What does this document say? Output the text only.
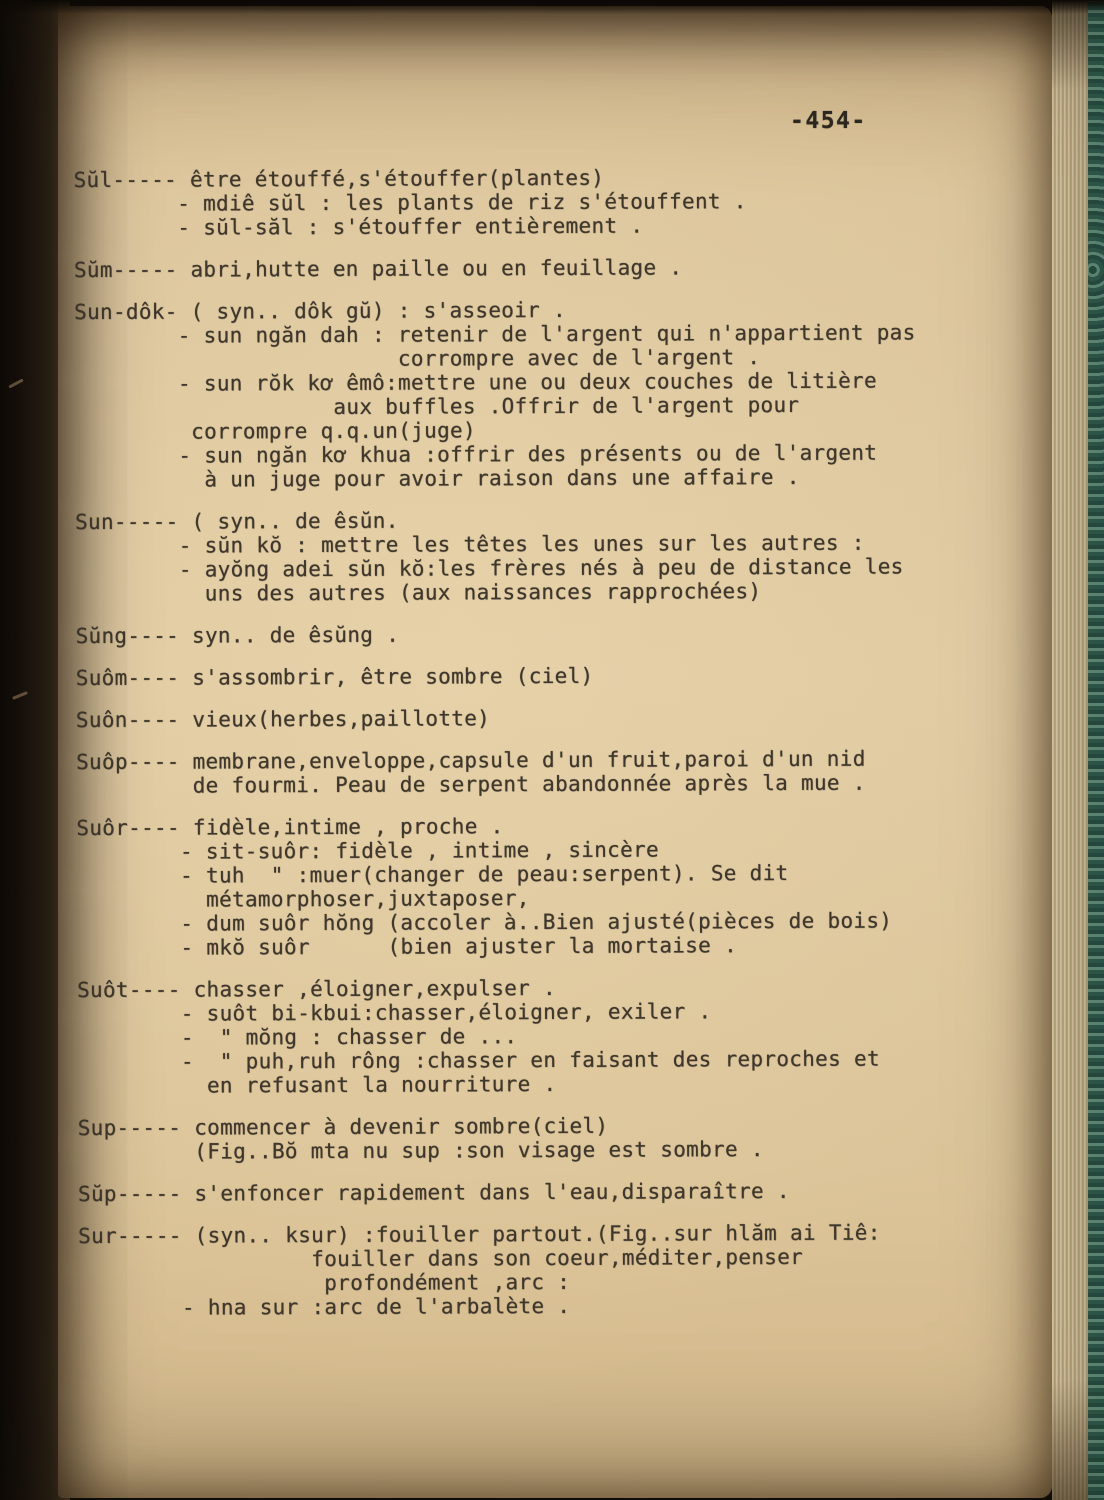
-454-
Sŭl----- être étouffé,s'étouffer(plantes)
- mdiê sŭl : les plants de riz s'étouffent .
- sŭl-săl : s'étouffer entièrement .
Sŭm----- abri,hutte en paille ou en feuillage .
Sun-dôk- ( syn.. dôk gŭ) : s'asseoir .
- sun ngăn dah : retenir de l'argent qui n'appartient pas
corrompre avec de l'argent .
- sun rŏk kơ êmô:mettre une ou deux couches de litière
aux buffles .Offrir de l'argent pour
corrompre q.q.un(juge)
- sun ngăn kơ khua :offrir des présents ou de l'argent
à un juge pour avoir raison dans une affaire .
Sun----- ( syn.. de êsŭn.
- sŭn kŏ : mettre les têtes les unes sur les autres :
- ayŏng adei sŭn kŏ:les frères nés à peu de distance les
uns des autres (aux naissances rapprochées)
Sŭng---- syn.. de êsŭng .
Suôm---- s'assombrir, être sombre (ciel)
Suôn---- vieux(herbes,paillotte)
Suôp---- membrane,enveloppe,capsule d'un fruit,paroi d'un nid
de fourmi. Peau de serpent abandonnée après la mue .
Suôr---- fidèle,intime , proche .
- sit-suôr: fidèle , intime , sincère
- tuh  " :muer(changer de peau:serpent). Se dit
métamorphoser,juxtaposer,
- dum suôr hŏng (accoler à..Bien ajusté(pièces de bois)
- mkŏ suôr      (bien ajuster la mortaise .
Suôt---- chasser ,éloigner,expulser .
- suôt bi-kbui:chasser,éloigner, exiler .
-  " mŏng : chasser de ...
-  " puh,ruh rông :chasser en faisant des reproches et
en refusant la nourriture .
Sup----- commencer à devenir sombre(ciel)
(Fig..Bŏ mta nu sup :son visage est sombre .
Sŭp----- s'enfoncer rapidement dans l'eau,disparaître .
Sur----- (syn.. ksur) :fouiller partout.(Fig..sur hlăm ai Tiê:
fouiller dans son coeur,méditer,penser
profondément ,arc :
- hna sur :arc de l'arbalète .
